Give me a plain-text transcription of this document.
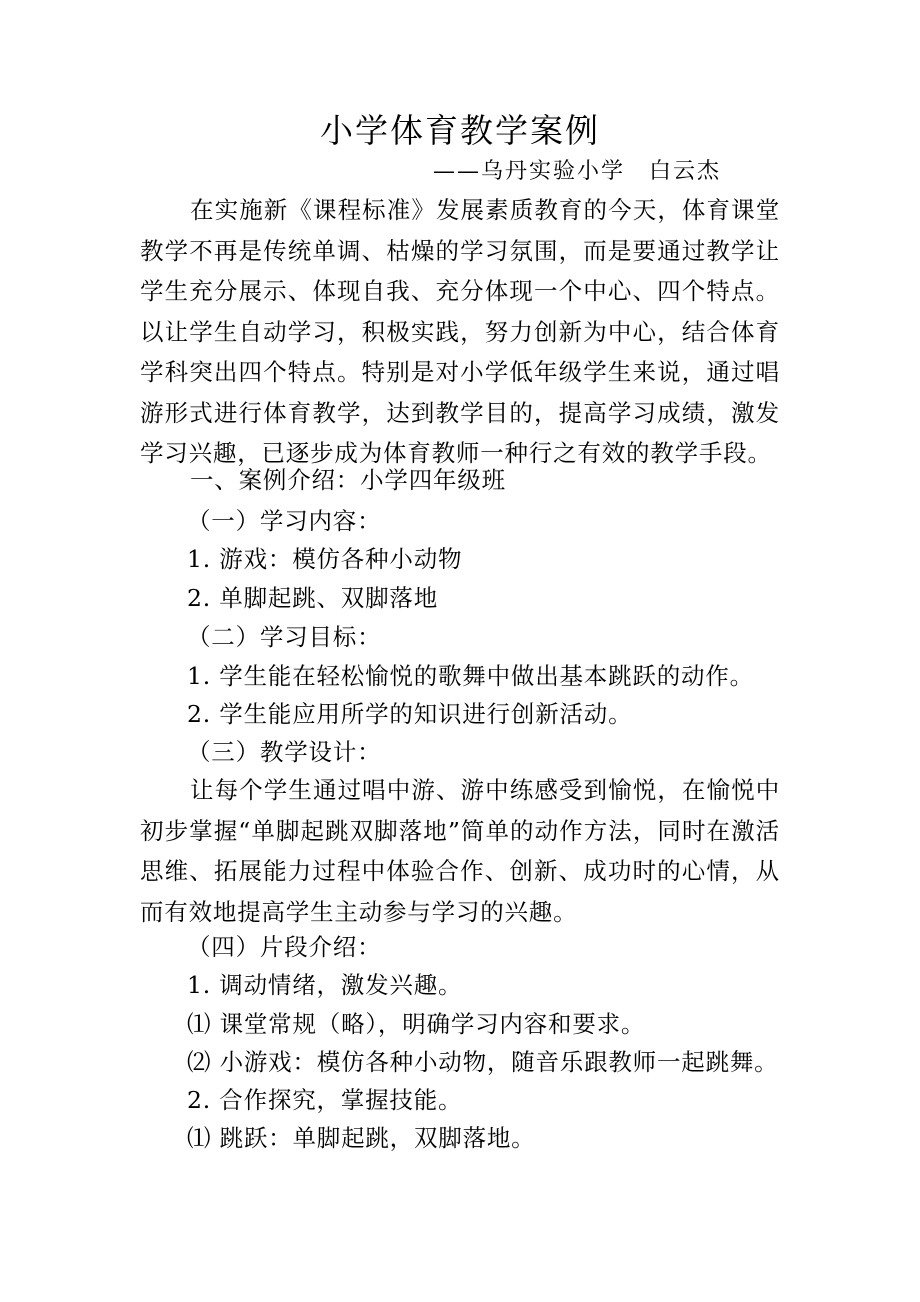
小学体育教学案例
——乌丹实验小学　白云杰

在实施新《课程标准》发展素质教育的今天，体育课堂教学不再是传统单调、枯燥的学习氛围，而是要通过教学让学生充分展示、体现自我、充分体现一个中心、四个特点。以让学生自动学习，积极实践，努力创新为中心，结合体育学科突出四个特点。特别是对小学低年级学生来说，通过唱游形式进行体育教学，达到教学目的，提高学习成绩，激发学习兴趣，已逐步成为体育教师一种行之有效的教学手段。

一、案例介绍：小学四年级班
（一）学习内容：
1. 游戏：模仿各种小动物
2. 单脚起跳、双脚落地
（二）学习目标：
1. 学生能在轻松愉悦的歌舞中做出基本跳跃的动作。
2. 学生能应用所学的知识进行创新活动。
（三）教学设计：

让每个学生通过唱中游、游中练感受到愉悦，在愉悦中初步掌握“单脚起跳双脚落地”简单的动作方法，同时在激活思维、拓展能力过程中体验合作、创新、成功时的心情，从而有效地提高学生主动参与学习的兴趣。

（四）片段介绍：
1. 调动情绪，激发兴趣。
⑴ 课堂常规（略），明确学习内容和要求。
⑵ 小游戏：模仿各种小动物，随音乐跟教师一起跳舞。
2. 合作探究，掌握技能。
⑴ 跳跃：单脚起跳，双脚落地。
